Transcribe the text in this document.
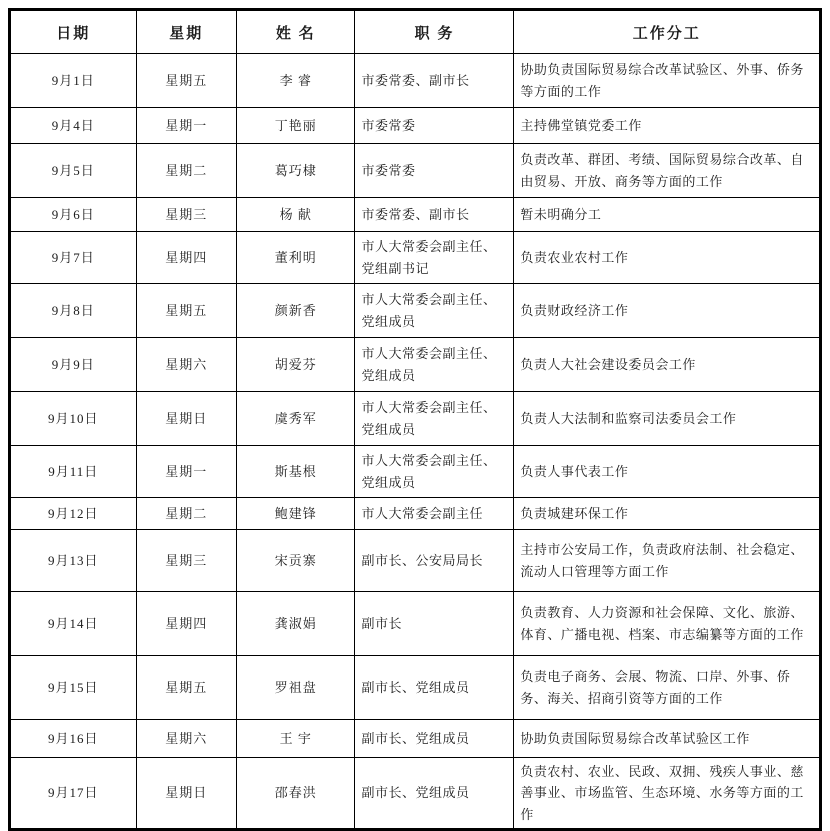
日期	星期	姓 名	职 务	工作分工
9月1日	星期五	李 睿	市委常委、副市长	协助负责国际贸易综合改革试验区、外事、侨务等方面的工作
9月4日	星期一	丁艳丽	市委常委	主持佛堂镇党委工作
9月5日	星期二	葛巧棣	市委常委	负责改革、群团、考绩、国际贸易综合改革、自由贸易、开放、商务等方面的工作
9月6日	星期三	杨 献	市委常委、副市长	暂未明确分工
9月7日	星期四	董利明	市人大常委会副主任、党组副书记	负责农业农村工作
9月8日	星期五	颜新香	市人大常委会副主任、党组成员	负责财政经济工作
9月9日	星期六	胡爱芬	市人大常委会副主任、党组成员	负责人大社会建设委员会工作
9月10日	星期日	虞秀军	市人大常委会副主任、党组成员	负责人大法制和监察司法委员会工作
9月11日	星期一	斯基根	市人大常委会副主任、党组成员	负责人事代表工作
9月12日	星期二	鲍建锋	市人大常委会副主任	负责城建环保工作
9月13日	星期三	宋贡寨	副市长、公安局局长	主持市公安局工作，负责政府法制、社会稳定、流动人口管理等方面工作
9月14日	星期四	龚淑娟	副市长	负责教育、人力资源和社会保障、文化、旅游、体育、广播电视、档案、市志编纂等方面的工作
9月15日	星期五	罗祖盘	副市长、党组成员	负责电子商务、会展、物流、口岸、外事、侨务、海关、招商引资等方面的工作
9月16日	星期六	王 宇	副市长、党组成员	协助负责国际贸易综合改革试验区工作
9月17日	星期日	邵春洪	副市长、党组成员	负责农村、农业、民政、双拥、残疾人事业、慈善事业、市场监管、生态环境、水务等方面的工作
